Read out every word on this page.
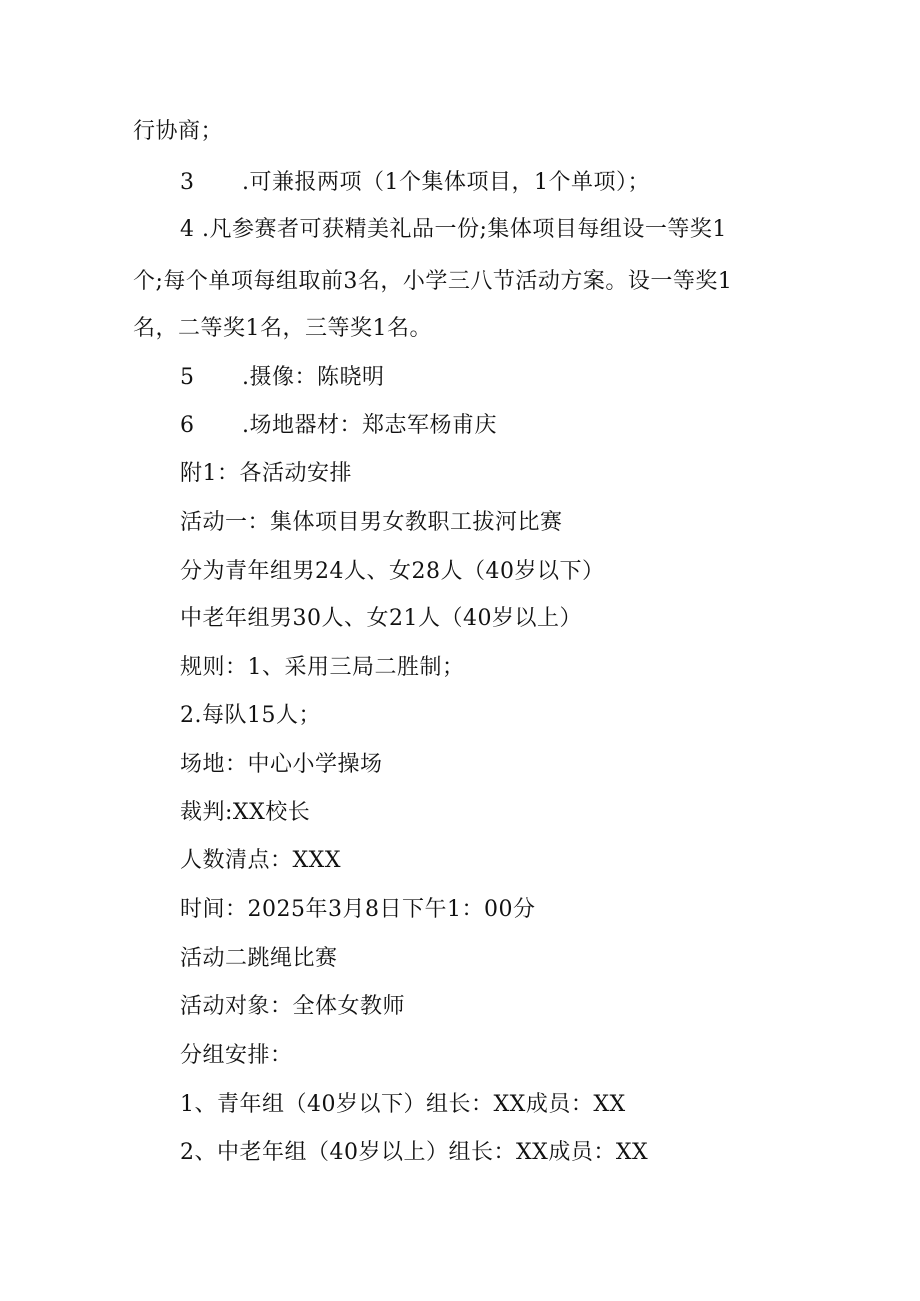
行协商；
3 .可兼报两项（1个集体项目，1个单项）；
4 .凡参赛者可获精美礼品一份;集体项目每组设一等奖1
个;每个单项每组取前3名，小学三八节活动方案。设一等奖1
名，二等奖1名，三等奖1名。
5 .摄像：陈晓明
6 .场地器材：郑志军杨甫庆
附1：各活动安排
活动一：集体项目男女教职工拔河比赛
分为青年组男24人、女28人（40岁以下）
中老年组男30人、女21人（40岁以上）
规则：1、采用三局二胜制；
2.每队15人；
场地：中心小学操场
裁判:XX校长
人数清点：XXX
时间：2025年3月8日下午1：00分
活动二跳绳比赛
活动对象：全体女教师
分组安排：
1、青年组（40岁以下）组长：XX成员：XX
2、中老年组（40岁以上）组长：XX成员：XX
